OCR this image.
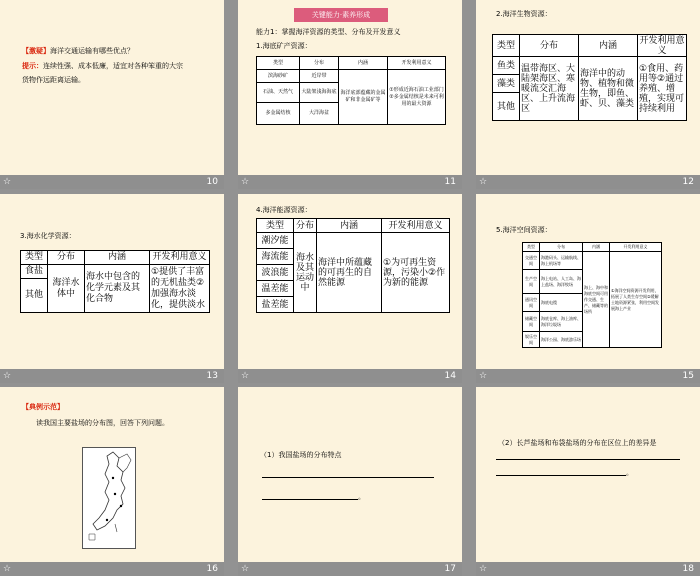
【激疑】海洋交通运输有哪些优点？
提示：连续性强、成本低廉，适宜对各种笨重的大宗
货物作远距离运输。
☆	10
关键能力·素养形成
能力1：掌握海洋资源的类型、分布及开发意义
1.海底矿产资源：
类型	分布	内涵	开发利用意义
滨海砂矿	近岸带	海洋底部蕴藏的金属矿和非金属矿等	①形成近海石油工业部门②多金属结核是未来可利用的最大资源
石油、天然气	大陆架浅海海底		
多金属结核	大洋海盆		
☆	11
2.海洋生物资源：
类型	分布	内涵	开发利用意义
鱼类	温带海区、大陆架海区、寒暖流交汇海区、上升流海区	海洋中的动物、植物和微生物，即鱼、虾、贝、藻类	①食用、药用等②通过养殖、增殖，实现可持续利用
藻类			
其他			
☆	12
3.海水化学资源：
类型	分布	内涵	开发利用意义
食盐	海洋水体中	海水中包含的化学元素及其化合物	①提供了丰富的无机盐类②加强海水淡化，提供淡水
其他			
☆	13
4.海洋能源资源：
类型	分布	内涵	开发利用意义
潮汐能	海水及其运动中	海洋中所蕴藏的可再生的自然能源	①为可再生资源，污染小②作为新的能源
海流能			
波浪能			
温差能			
盐差能			
☆	14
5.海洋空间资源：
类型	分布	内涵	开发利用意义
交通空间	海港码头、运输航线、海上机场等	海上、海中和海底空间可用作交通、生产、储藏等的场所	①海洋空间资源开发利用，拓展了人类生存空间②缓解土地资源紧张，利用空间发展海上产业
生产空间	海上电站、人工岛、海上盐场、海洋牧场		
通讯空间	海底电缆		
储藏空间	海底仓库、海上油库、海洋垃圾场		
娱乐空间	海洋公园、海底游乐场		
☆	15
【典例示范】
读我国主要盐场的分布图，回答下列问题。
☆	16
（1）我国盐场的分布特点
。
☆	17
（2）长芦盐场和布袋盐场的分布在区位上的差异是
。
☆	18
